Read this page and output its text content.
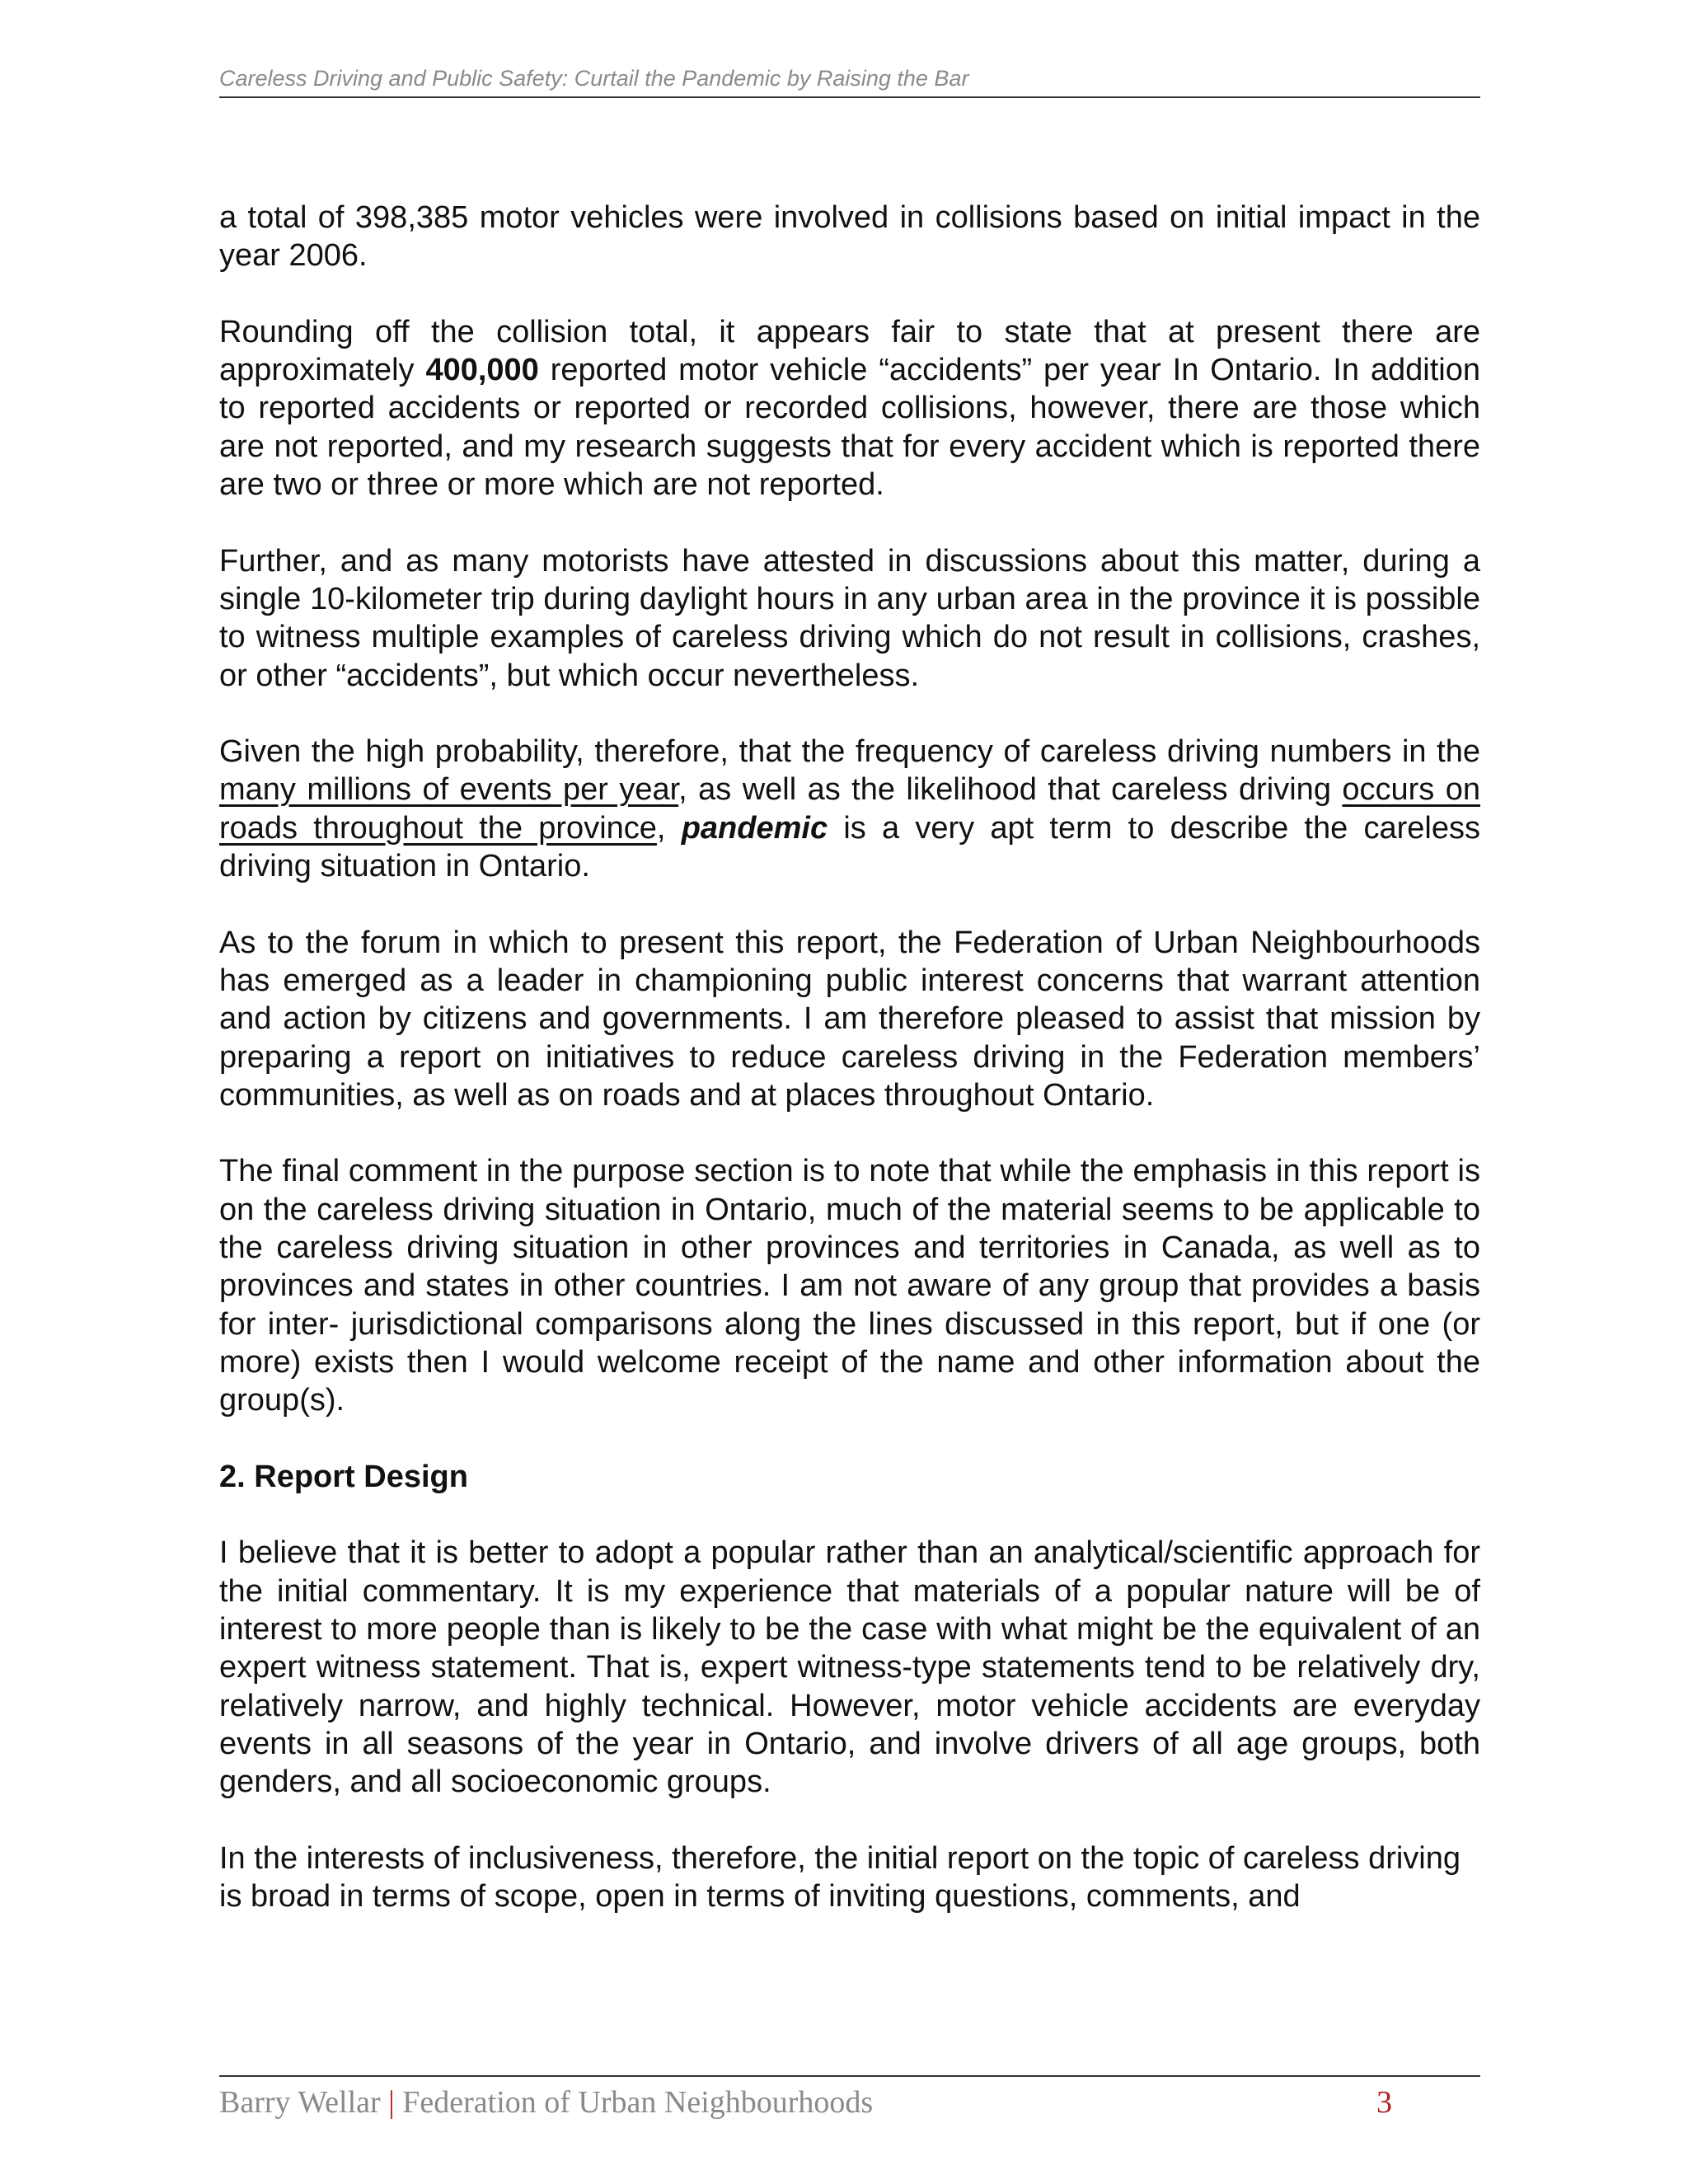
Careless Driving and Public Safety: Curtail the Pandemic by Raising the Bar

a total of 398,385 motor vehicles were involved in collisions based on initial impact in the year 2006.

Rounding off the collision total, it appears fair to state that at present there are approximately 400,000 reported motor vehicle “accidents” per year In Ontario. In addition to reported accidents or reported or recorded collisions, however, there are those which are not reported, and my research suggests that for every accident which is reported there are two or three or more which are not reported.

Further, and as many motorists have attested in discussions about this matter, during a single 10-kilometer trip during daylight hours in any urban area in the province it is possible to witness multiple examples of careless driving which do not result in collisions, crashes, or other “accidents”, but which occur nevertheless.

Given the high probability, therefore, that the frequency of careless driving numbers in the many millions of events per year, as well as the likelihood that careless driving occurs on roads throughout the province, pandemic is a very apt term to describe the careless driving situation in Ontario.

As to the forum in which to present this report, the Federation of Urban Neighbourhoods has emerged as a leader in championing public interest concerns that warrant attention and action by citizens and governments. I am therefore pleased to assist that mission by preparing a report on initiatives to reduce careless driving in the Federation members’ communities, as well as on roads and at places throughout Ontario.

The final comment in the purpose section is to note that while the emphasis in this report is on the careless driving situation in Ontario, much of the material seems to be applicable to the careless driving situation in other provinces and territories in Canada, as well as to provinces and states in other countries. I am not aware of any group that provides a basis for inter- jurisdictional comparisons along the lines discussed in this report, but if one (or more) exists then I would welcome receipt of the name and other information about the group(s).

2. Report Design

I believe that it is better to adopt a popular rather than an analytical/scientific approach for the initial commentary. It is my experience that materials of a popular nature will be of interest to more people than is likely to be the case with what might be the equivalent of an expert witness statement. That is, expert witness-type statements tend to be relatively dry, relatively narrow, and highly technical. However, motor vehicle accidents are everyday events in all seasons of the year in Ontario, and involve drivers of all age groups, both genders, and all socioeconomic groups.

In the interests of inclusiveness, therefore, the initial report on the topic of careless driving is broad in terms of scope, open in terms of inviting questions, comments, and

Barry Wellar | Federation of Urban Neighbourhoods	3
